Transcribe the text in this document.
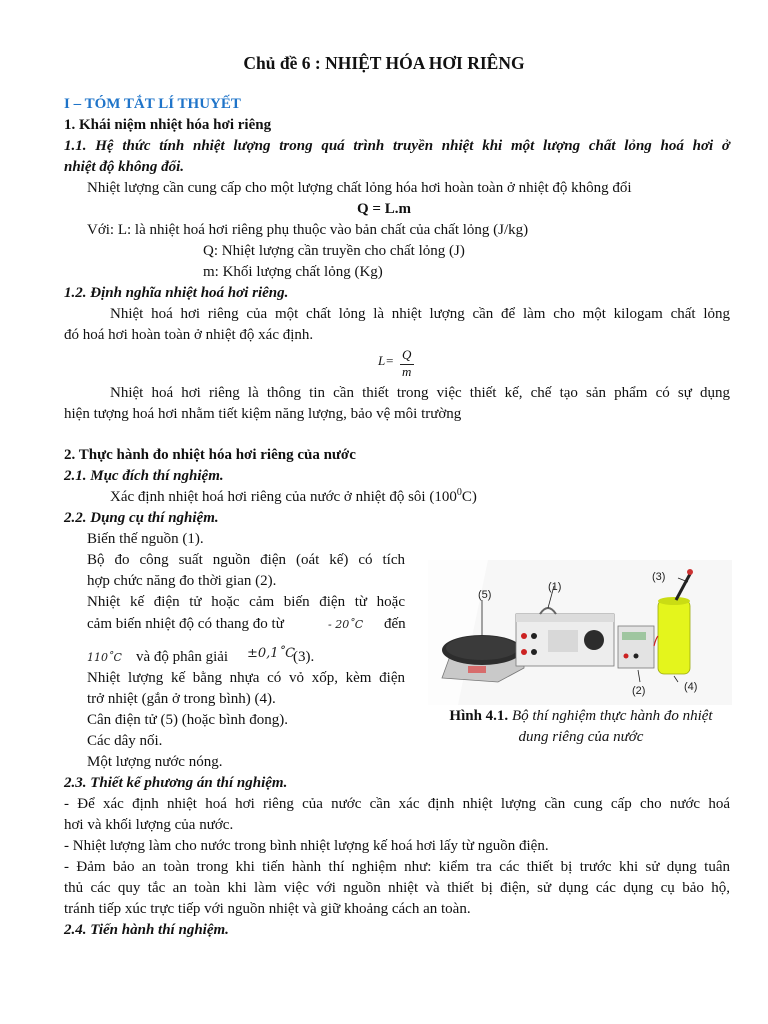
Chủ đề 6 : NHIỆT HÓA HƠI RIÊNG
I – TÓM TẮT LÍ THUYẾT
1. Khái niệm nhiệt hóa hơi riêng
1.1. Hệ thức tính nhiệt lượng trong quá trình truyền nhiệt khi một lượng chất lỏng hoá hơi ở
nhiệt độ không đổi.
Nhiệt lượng cần cung cấp cho một lượng chất lỏng hóa hơi hoàn toàn ở nhiệt độ không đổi
Q = L.m
Với: L: là nhiệt hoá hơi riêng phụ thuộc vào bản chất của chất lỏng (J/kg)
Q: Nhiệt lượng cần truyền cho chất lỏng (J)
m: Khối lượng chất lỏng (Kg)
1.2. Định nghĩa nhiệt hoá hơi riêng.
Nhiệt hoá hơi riêng của một chất lỏng là nhiệt lượng cần để làm cho một kilogam chất lỏng
đó hoá hơi hoàn toàn ở nhiệt độ xác định.
L= Q
m
Nhiệt hoá hơi riêng là thông tin cần thiết trong việc thiết kế, chế tạo sản phẩm có sự dụng
hiện tượng hoá hơi nhằm tiết kiệm năng lượng, bảo vệ môi trường
2. Thực hành đo nhiệt hóa hơi riêng của nước
2.1. Mục đích thí nghiệm.
Xác định nhiệt hoá hơi riêng của nước ở nhiệt độ sôi $(100^0C)$
2.2. Dụng cụ thí nghiệm.
Biến thế nguồn (1).
Bộ đo công suất nguồn điện (oát kế) có tích
hợp chức năng đo thời gian (2).
Nhiệt kế điện tử hoặc cảm biến điện từ hoặc
cảm biến nhiệt độ có thang đo từ	- 20˚C đến
110˚C và độ phân giải ±0,1˚C
(3).
Nhiệt lượng kế bằng nhựa có vỏ xốp, kèm điện
trở nhiệt (gắn ở trong bình) (4).
Cân điện tử (5) (hoặc bình đong).
Các dây nối.
Một lượng nước nóng.
(5)
(1)
(3)
(2)	(4)
Hình 4.1. Bộ thí nghiệm thực hành đo nhiệt
dung riêng của nước
2.3. Thiết kế phương án thí nghiệm.
- Để xác định nhiệt hoá hơi riêng của nước cần xác định nhiệt lượng cần cung cấp cho nước hoá
hơi và khối lượng của nước.
- Nhiệt lượng làm cho nước trong bình nhiệt lượng kế hoá hơi lấy từ nguồn điện.
- Đảm bảo an toàn trong khi tiến hành thí nghiệm như: kiểm tra các thiết bị trước khi sử dụng tuân
thủ các quy tắc an toàn khi làm việc với nguồn nhiệt và thiết bị điện, sử dụng các dụng cụ bảo hộ,
tránh tiếp xúc trực tiếp với nguồn nhiệt và giữ khoảng cách an toàn.
2.4. Tiến hành thí nghiệm.
